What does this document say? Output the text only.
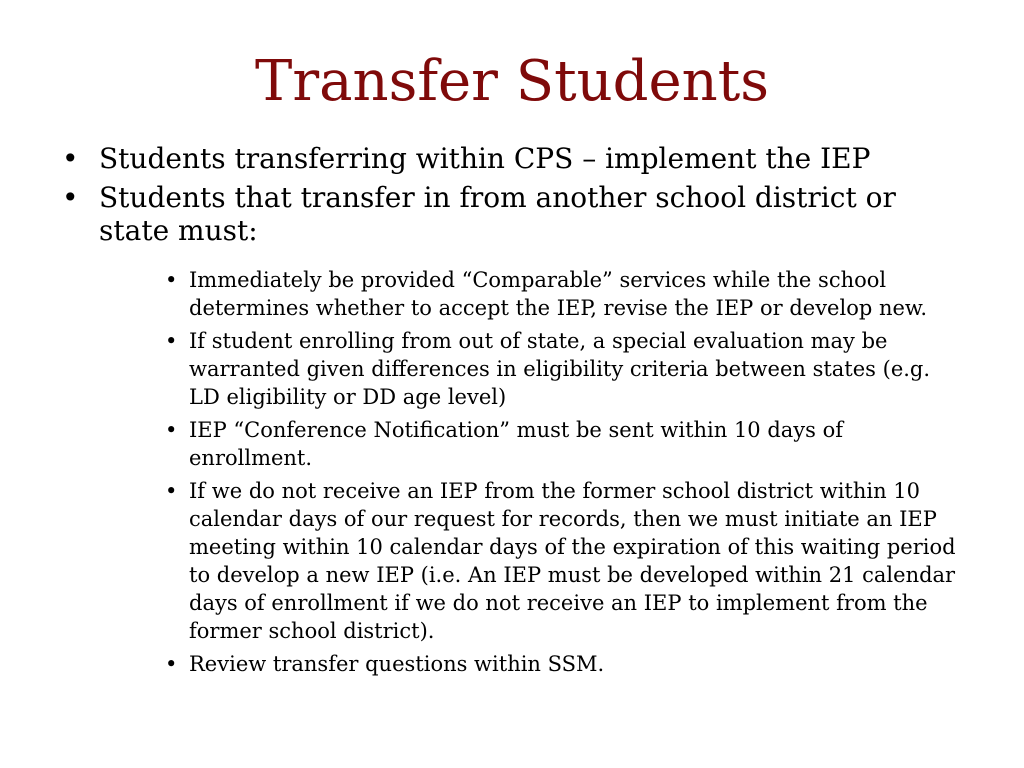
Transfer Students
• Students transferring within CPS – implement the IEP
• Students that transfer in from another school district or state must:
• Immediately be provided “Comparable” services while the school determines whether to accept the IEP, revise the IEP or develop new.
• If student enrolling from out of state, a special evaluation may be warranted given differences in eligibility criteria between states (e.g. LD eligibility or DD age level)
• IEP “Conference Notification” must be sent within 10 days of enrollment.
• If we do not receive an IEP from the former school district within 10 calendar days of our request for records, then we must initiate an IEP meeting within 10 calendar days of the expiration of this waiting period to develop a new IEP (i.e. An IEP must be developed within 21 calendar days of enrollment if we do not receive an IEP to implement from the former school district).
• Review transfer questions within SSM.
